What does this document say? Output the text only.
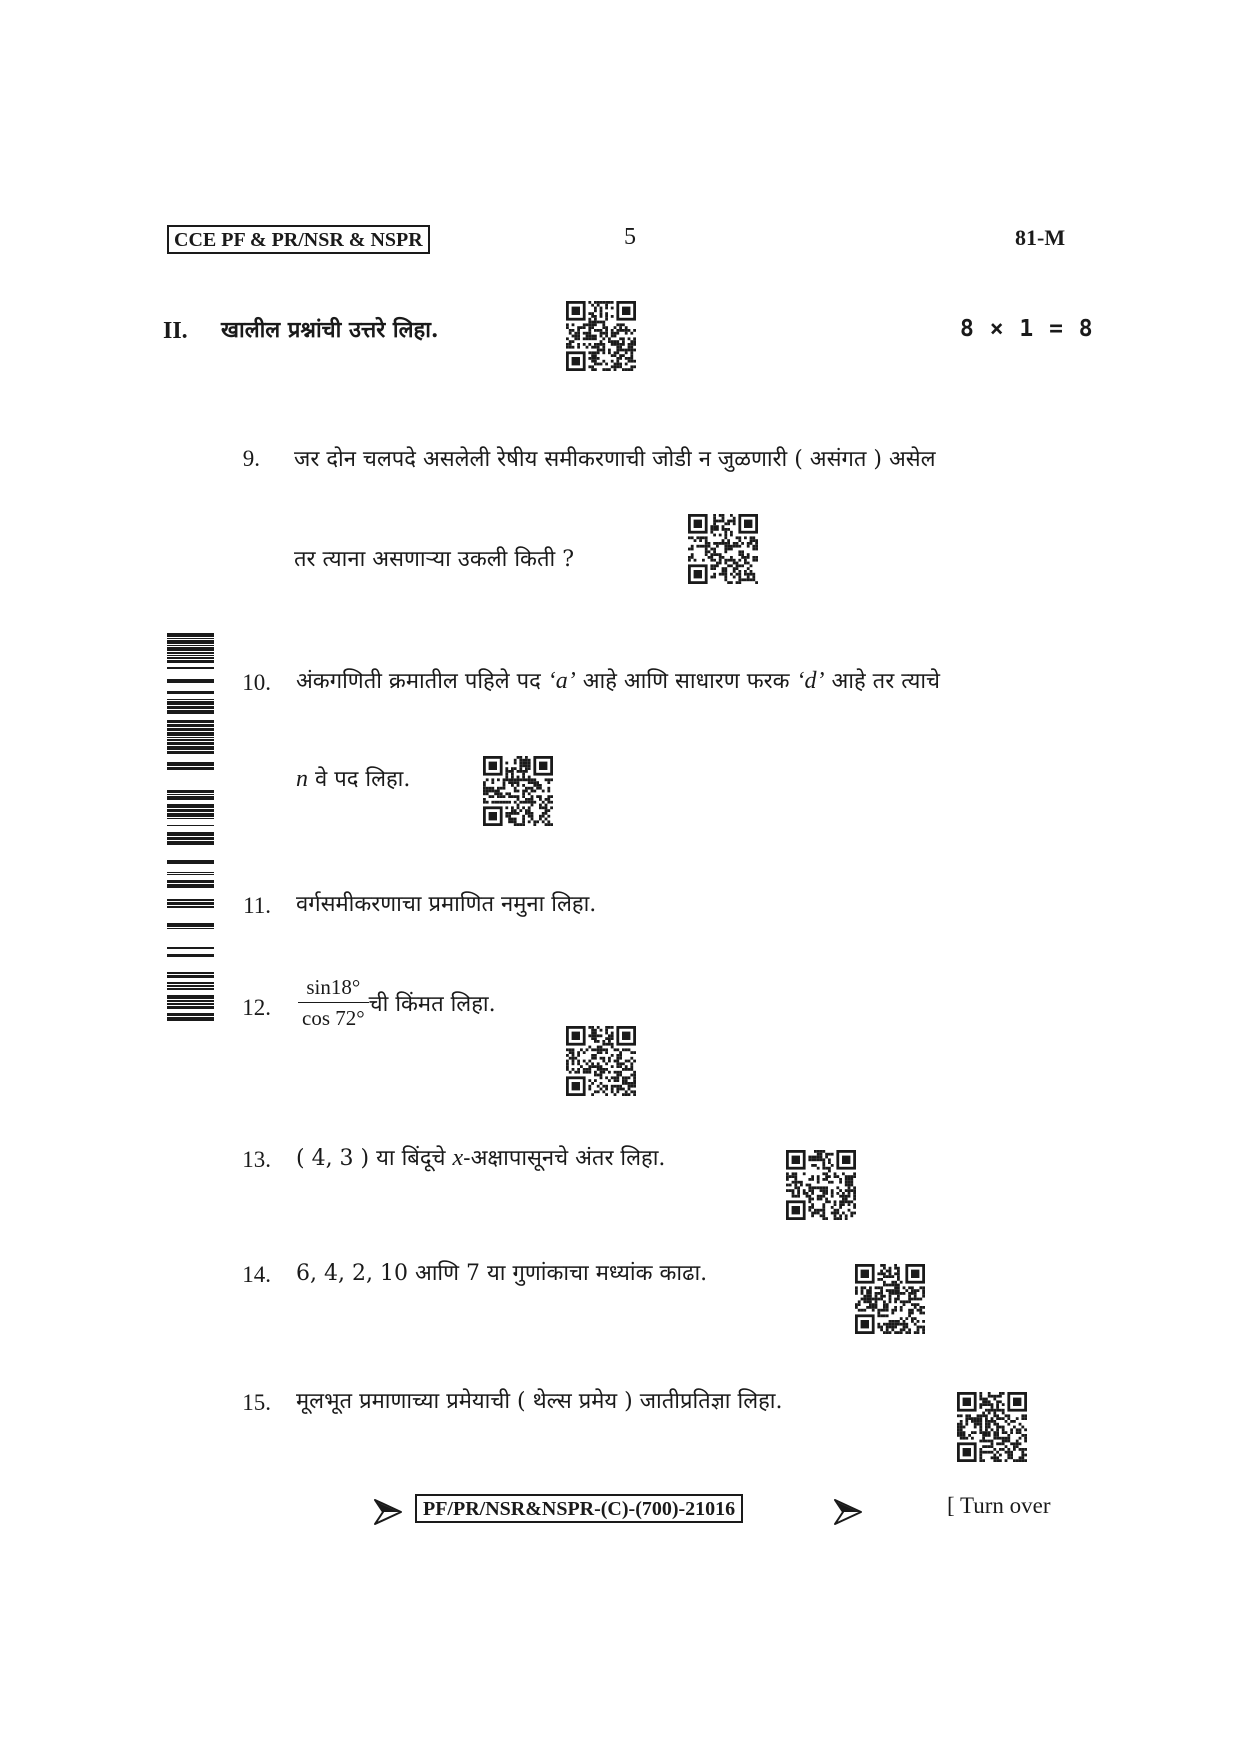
CCE PF & PR/NSR & NSPR	5	81-M
II. खालील प्रश्नांची उत्तरे लिहा.	8 × 1 = 8
9. जर दोन चलपदे असलेली रेषीय समीकरणाची जोडी न जुळणारी ( असंगत ) असेल
तर त्याना असणाऱ्या उकली किती ?
10. अंकगणिती क्रमातील पहिले पद ‘a’ आहे आणि साधारण फरक ‘d’ आहे तर त्याचे
n वे पद लिहा.
11. वर्गसमीकरणाचा प्रमाणित नमुना लिहा.
12. $\frac{\sin 18^\circ}{\cos 72^\circ}$ ची किंमत लिहा.
13. ( 4, 3 ) या बिंदूचे x-अक्षापासूनचे अंतर लिहा.
14. 6, 4, 2, 10 आणि 7 या गुणांकाचा मध्यांक काढा.
15. मूलभूत प्रमाणाच्या प्रमेयाची ( थेल्स प्रमेय ) जातीप्रतिज्ञा लिहा.
PF/PR/NSR&NSPR-(C)-(700)-21016	[ Turn over
